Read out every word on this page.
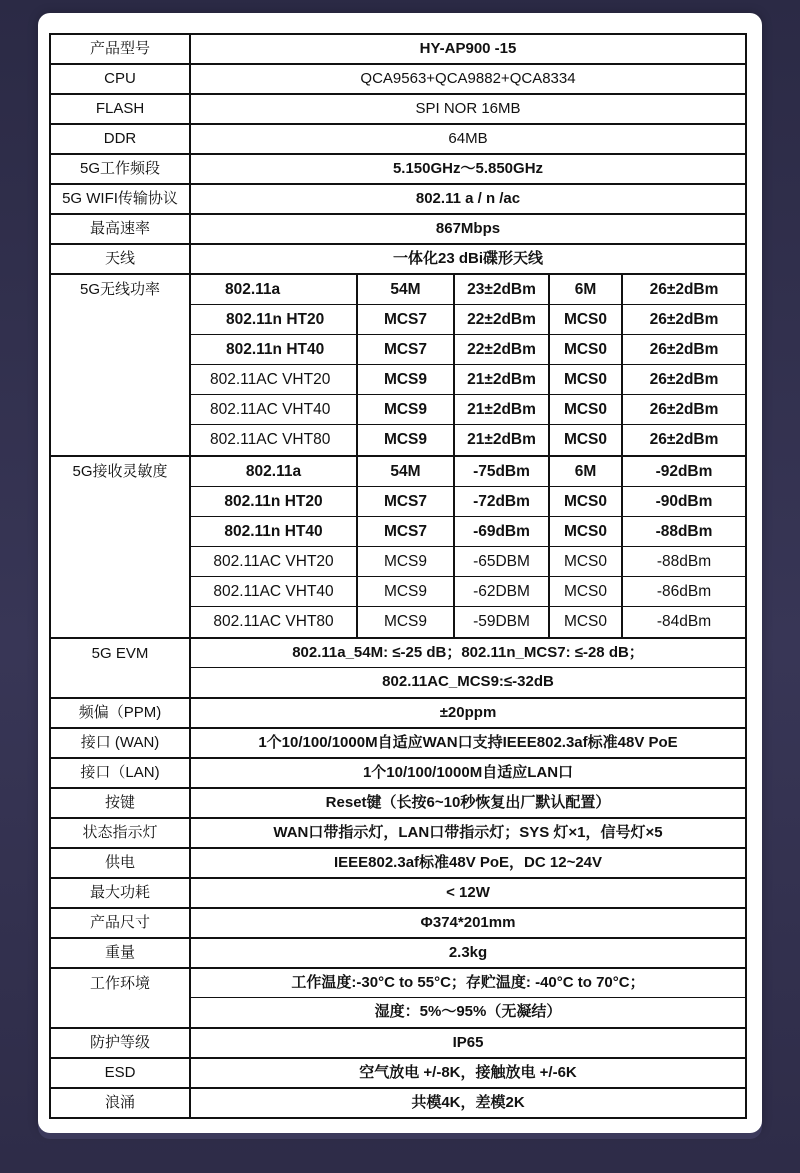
产品型号	HY-AP900 -15
CPU	QCA9563+QCA9882+QCA8334
FLASH	SPI NOR 16MB
DDR	64MB
5G工作频段	5.150GHz～5.850GHz
5G WIFI传输协议	802.11 a / n /ac
最高速率	867Mbps
天线	一体化23 dBi碟形天线
5G无线功率	802.11a	54M	23±2dBm	6M	26±2dBm
802.11n HT20	MCS7	22±2dBm	MCS0	26±2dBm
802.11n HT40	MCS7	22±2dBm	MCS0	26±2dBm
802.11AC VHT20	MCS9	21±2dBm	MCS0	26±2dBm
802.11AC VHT40	MCS9	21±2dBm	MCS0	26±2dBm
802.11AC VHT80	MCS9	21±2dBm	MCS0	26±2dBm
5G接收灵敏度	802.11a	54M	-75dBm	6M	-92dBm
802.11n HT20	MCS7	-72dBm	MCS0	-90dBm
802.11n HT40	MCS7	-69dBm	MCS0	-88dBm
802.11AC VHT20	MCS9	-65DBM	MCS0	-88dBm
802.11AC VHT40	MCS9	-62DBM	MCS0	-86dBm
802.11AC VHT80	MCS9	-59DBM	MCS0	-84dBm
5G EVM	802.11a_54M: ≤-25 dB；802.11n_MCS7: ≤-28 dB；
802.11AC_MCS9:≤-32dB
频偏（PPM)	±20ppm
接口 (WAN)	1个10/100/1000M自适应WAN口支持IEEE802.3af标准48V PoE
接口（LAN)	1个10/100/1000M自适应LAN口
按键	Reset键（长按6~10秒恢复出厂默认配置）
状态指示灯	WAN口带指示灯，LAN口带指示灯；SYS 灯×1，信号灯×5
供电	IEEE802.3af标准48V PoE，DC 12~24V
最大功耗	< 12W
产品尺寸	Φ374*201mm
重量	2.3kg
工作环境	工作温度:-30°C to 55°C；存贮温度: -40°C to 70°C；
湿度：5%～95%（无凝结）
防护等级	IP65
ESD	空气放电 +/-8K，接触放电 +/-6K
浪涌	共模4K，差模2K
